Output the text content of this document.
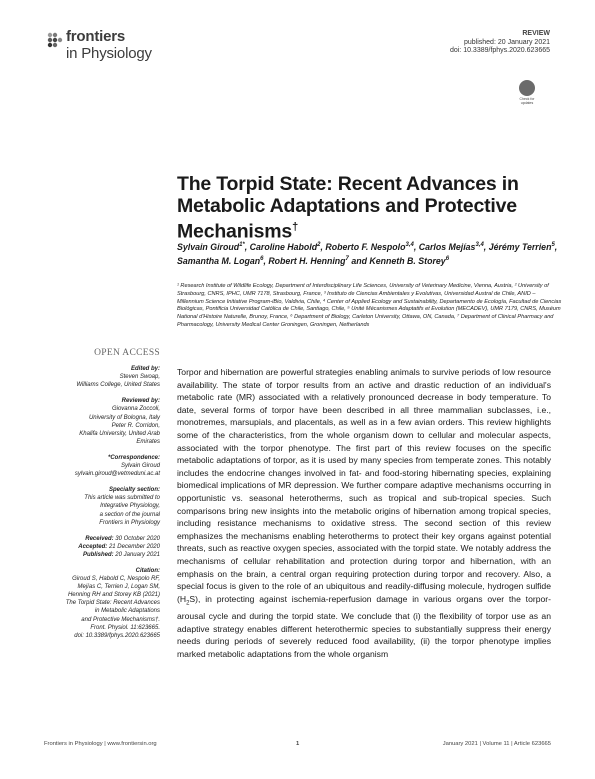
frontiers
in Physiology
REVIEW
published: 20 January 2021
doi: 10.3389/fphys.2020.623665
Check for updates
The Torpid State: Recent Advances in Metabolic Adaptations and Protective Mechanisms†
Sylvain Giroud$^{1*}$, Caroline Habold$^2$, Roberto F. Nespolo$^{3,4}$, Carlos Mejías$^{3,4}$, Jérémy Terrien$^5$, Samantha M. Logan$^6$, Robert H. Henning$^7$ and Kenneth B. Storey$^6$
¹ Research Institute of Wildlife Ecology, Department of Interdisciplinary Life Sciences, University of Veterinary Medicine, Vienna, Austria, ² University of Strasbourg, CNRS, IPHC, UMR 7178, Strasbourg, France, ³ Instituto de Ciencias Ambientales y Evolutivas, Universidad Austral de Chile, ANID – Millennium Science Initiative Program-iBio, Valdivia, Chile, ⁴ Center of Applied Ecology and Sustainability, Departamento de Ecología, Facultad de Ciencias Biológicas, Pontificia Universidad Católica de Chile, Santiago, Chile, ⁵ Unité Mécanismes Adaptatifs et Evolution (MECADEV), UMR 7179, CNRS, Muséum National d'Histoire Naturelle, Brunoy, France, ⁶ Department of Biology, Carleton University, Ottawa, ON, Canada, ⁷ Department of Clinical Pharmacy and Pharmacology, University Medical Center Groningen, Groningen, Netherlands
OPEN ACCESS
Edited by:
Steven Swoap,
Williams College, United States
Reviewed by:
Giovanna Zoccoli,
University of Bologna, Italy
Peter R. Corridon,
Khalifa University, United Arab
Emirates
*Correspondence:
Sylvain Giroud
sylvain.giroud@vetmeduni.ac.at
Specialty section:
This article was submitted to
Integrative Physiology,
a section of the journal
Frontiers in Physiology
Received: 30 October 2020
Accepted: 21 December 2020
Published: 20 January 2021
Citation:
Giroud S, Habold C, Nespolo RF,
Mejías C, Terrien J, Logan SM,
Henning RH and Storey KB (2021)
The Torpid State: Recent Advances
in Metabolic Adaptations
and Protective Mechanisms†.
Front. Physiol. 11:623665.
doi: 10.3389/fphys.2020.623665
Torpor and hibernation are powerful strategies enabling animals to survive periods of low resource availability. The state of torpor results from an active and drastic reduction of an individual's metabolic rate (MR) associated with a relatively pronounced decrease in body temperature. To date, several forms of torpor have been described in all three mammalian subclasses, i.e., monotremes, marsupials, and placentals, as well as in a few avian orders. This review highlights some of the characteristics, from the whole organism down to cellular and molecular aspects, associated with the torpor phenotype. The first part of this review focuses on the specific metabolic adaptations of torpor, as it is used by many species from temperate zones. This notably includes the endocrine changes involved in fat- and food-storing hibernating species, explaining biomedical implications of MR depression. We further compare adaptive mechanisms occurring in opportunistic vs. seasonal heterotherms, such as tropical and sub-tropical species. Such comparisons bring new insights into the metabolic origins of hibernation among tropical species, including resistance mechanisms to oxidative stress. The second section of this review emphasizes the mechanisms enabling heterotherms to protect their key organs against potential threats, such as reactive oxygen species, associated with the torpid state. We notably address the mechanisms of cellular rehabilitation and protection during torpor and hibernation, with an emphasis on the brain, a central organ requiring protection during torpor and recovery. Also, a special focus is given to the role of an ubiquitous and readily-diffusing molecule, hydrogen sulfide $(H_2S)$, in protecting against ischemia-reperfusion damage in various organs over the torpor-arousal cycle and during the torpid state. We conclude that (i) the flexibility of torpor use as an adaptive strategy enables different heterothermic species to substantially suppress their energy needs during periods of severely reduced food availability, (ii) the torpor phenotype implies marked metabolic adaptations from the whole organism
Frontiers in Physiology | www.frontiersin.org	1	January 2021 | Volume 11 | Article 623665
